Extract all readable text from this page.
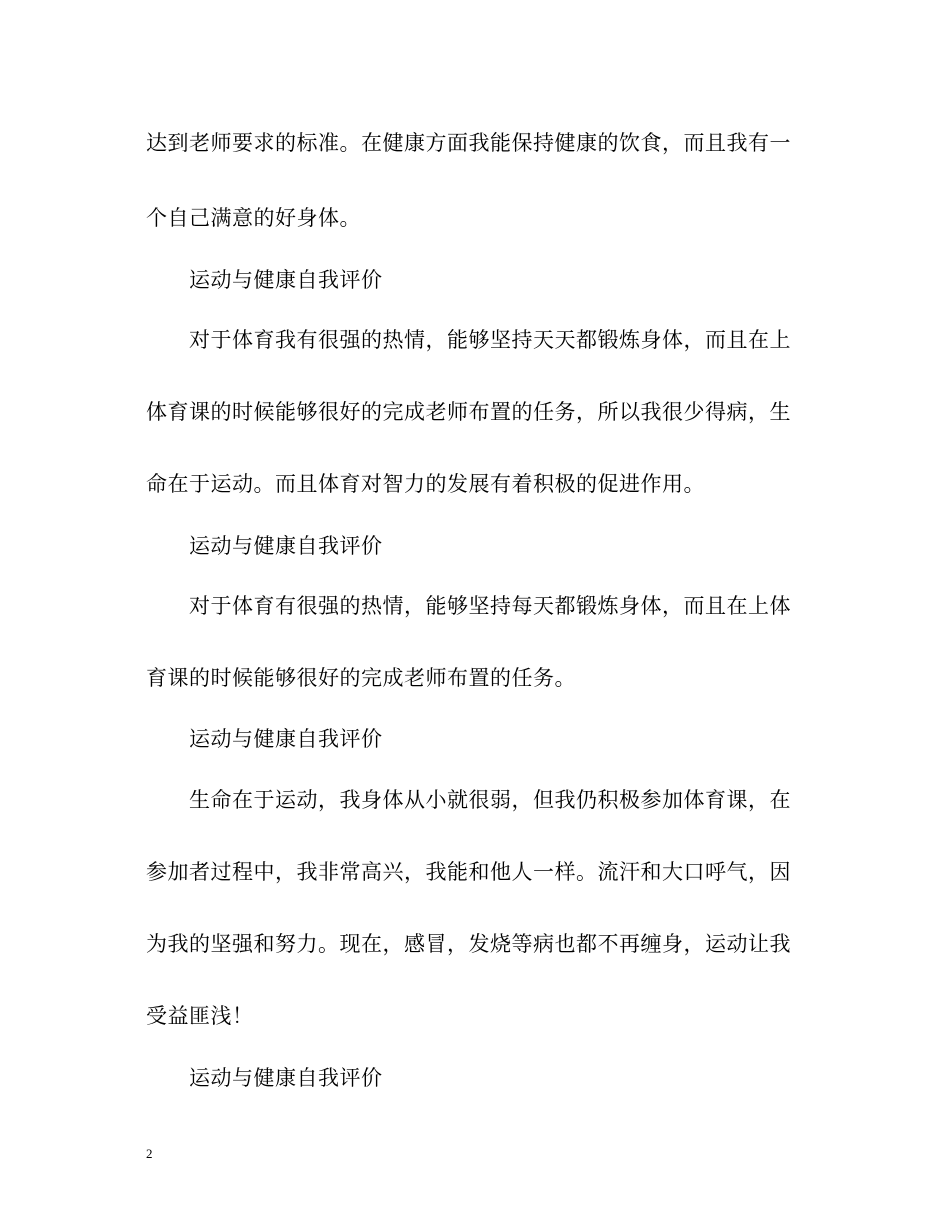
达到老师要求的标准。在健康方面我能保持健康的饮食，而且我有一
个自己满意的好身体。
运动与健康自我评价
对于体育我有很强的热情，能够坚持天天都锻炼身体，而且在上
体育课的时候能够很好的完成老师布置的任务，所以我很少得病，生
命在于运动。而且体育对智力的发展有着积极的促进作用。
运动与健康自我评价
对于体育有很强的热情，能够坚持每天都锻炼身体，而且在上体
育课的时候能够很好的完成老师布置的任务。
运动与健康自我评价
生命在于运动，我身体从小就很弱，但我仍积极参加体育课，在
参加者过程中，我非常高兴，我能和他人一样。流汗和大口呼气，因
为我的坚强和努力。现在，感冒，发烧等病也都不再缠身，运动让我
受益匪浅！
运动与健康自我评价
2
